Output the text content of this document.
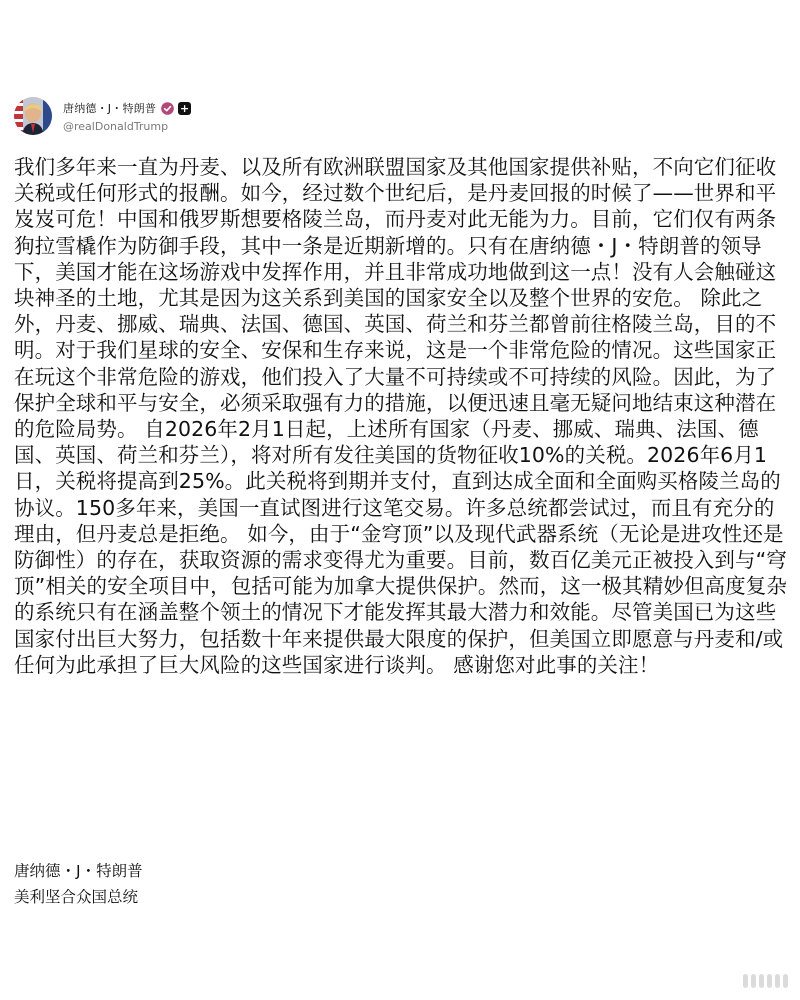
唐纳德・J・特朗普 +
@realDonaldTrump
我们多年来一直为丹麦、以及所有欧洲联盟国家及其他国家提供补贴，不向它们征收关税或任何形式的报酬。如今，经过数个世纪后，是丹麦回报的时候了——世界和平岌岌可危！中国和俄罗斯想要格陵兰岛，而丹麦对此无能为力。目前，它们仅有两条狗拉雪橇作为防御手段，其中一条是近期新增的。只有在唐纳德・J・特朗普的领导下，美国才能在这场游戏中发挥作用，并且非常成功地做到这一点！没有人会触碰这块神圣的土地，尤其是因为这关系到美国的国家安全以及整个世界的安危。 除此之外，丹麦、挪威、瑞典、法国、德国、英国、荷兰和芬兰都曾前往格陵兰岛，目的不明。对于我们星球的安全、安保和生存来说，这是一个非常危险的情况。这些国家正在玩这个非常危险的游戏，他们投入了大量不可持续或不可持续的风险。因此，为了保护全球和平与安全，必须采取强有力的措施，以便迅速且毫无疑问地结束这种潜在的危险局势。 自2026年2月1日起，上述所有国家（丹麦、挪威、瑞典、法国、德国、英国、荷兰和芬兰），将对所有发往美国的货物征收10%的关税。2026年6月1日，关税将提高到25%。此关税将到期并支付，直到达成全面和全面购买格陵兰岛的协议。150多年来，美国一直试图进行这笔交易。许多总统都尝试过，而且有充分的理由，但丹麦总是拒绝。 如今，由于“金穹顶”以及现代武器系统（无论是进攻性还是防御性）的存在，获取资源的需求变得尤为重要。目前，数百亿美元正被投入到与“穹顶”相关的安全项目中，包括可能为加拿大提供保护。然而，这一极其精妙但高度复杂的系统只有在涵盖整个领土的情况下才能发挥其最大潜力和效能。尽管美国已为这些国家付出巨大努力，包括数十年来提供最大限度的保护，但美国立即愿意与丹麦和/或任何为此承担了巨大风险的这些国家进行谈判。 感谢您对此事的关注！
唐纳德・J・特朗普
美利坚合众国总统
